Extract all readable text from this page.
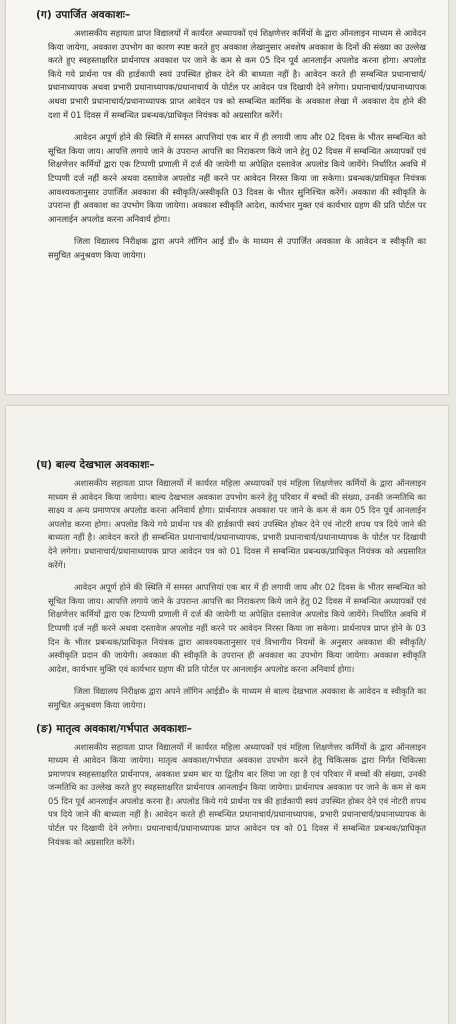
(ग) उपार्जित अवकाशः–

अशासकीय सहायता प्राप्त विद्यालयों में कार्यरत अध्यापकों एवं शिक्षणेत्तर कर्मियों के द्वारा ऑनलाइन माध्यम से आवेदन किया जायेगा, अवकाश उपभोग का कारण स्पष्ट करते हुए अवकाश लेखानुसार अवशेष अवकाश के दिनों की संख्या का उल्लेख करते हुए स्वहस्ताक्षरित प्रार्थनापत्र अवकाश पर जाने के कम से कम 05 दिन पूर्व आनलाईन अपलोड करना होगा। अपलोड किये गये प्रार्थना पत्र की हार्डकापी स्वयं उपस्थित होकर देने की बाध्यता नहीं है। आवेदन करते ही सम्बन्धित प्रधानाचार्य/प्रधानाध्यापक अथवा प्रभारी प्रधानाध्यापक/प्रधानाचार्य के पोर्टल पर आवेदन पत्र दिखायी देने लगेगा। प्रधानाचार्य/प्रधानाध्यापक अथवा प्रभारी प्रधानाचार्य/प्रधानाध्यापक प्राप्त आवेदन पत्र को सम्बन्धित कार्मिक के अवकाश लेखा में अवकाश देय होने की दशा में 01 दिवस में सम्बन्धित प्रबन्धक/प्राधिकृत नियंत्रक को अग्रसारित करेंगें।

आवेदन अपूर्ण होने की स्थिति में समस्त आपत्तियां एक बार में ही लगायी जाय और 02 दिवस के भीतर सम्बन्धित को सूचित किया जाय। आपत्ति लगाये जाने के उपरान्त आपत्ति का निराकरण किये जाने हेतु 02 दिवस में सम्बन्धित अध्यापकों एवं शिक्षणेत्तर कर्मियों द्वारा एक टिप्पणी प्रणाली में दर्ज की जायेगी या अपेक्षित दस्तावेज अपलोड किये जायेंगे। निर्धारित अवधि में टिप्पणी दर्ज नहीं करने अथवा दस्तावेज अपलोड नहीं करने पर आवेदन निरस्त किया जा सकेगा। प्रबन्धक/प्राधिकृत नियंत्रक आवश्यकतानुसार उपार्जित अवकाश की स्वीकृति/अस्वीकृति 03 दिवस के भीतर सुनिश्चित करेंगें। अवकाश की स्वीकृति के उपरान्त ही अवकाश का उपभोग किया जायेगा। अवकाश स्वीकृति आदेश, कार्यभार मुक्त एवं कार्यभार ग्रहण की प्रति पोर्टल पर आनलाईन अपलोड करना अनिवार्य होगा।

जिला विद्यालय निरीक्षक द्वारा अपने लॉगिन आई डी० के माध्यम से उपार्जित अवकाश के आवेदन व स्वीकृति का समुचित अनुश्रवण किया जायेगा।

(घ) बाल्य देखभाल अवकाशः–

अशासकीय सहायता प्राप्त विद्यालयों में कार्यरत महिला अध्यापकों एवं महिला शिक्षणेत्तर कर्मियों के द्वारा ऑनलाइन माध्यम से आवेदन किया जायेगा। बाल्य देखभाल अवकाश उपभोग करने हेतु परिवार में बच्चों की संख्या, उनकी जन्मतिथि का साक्ष्य व अन्य प्रमाणपत्र अपलोड करना अनिवार्य होगा। प्रार्थनापत्र अवकाश पर जाने के कम से कम 05 दिन पूर्व आनलाईन अपलोड करना होगा। अपलोड किये गये प्रार्थना पत्र की हार्डकापी स्वयं उपस्थित होकर देने एवं नोटरी शपथ पत्र दिये जाने की बाध्यता नहीं है। आवेदन करते ही सम्बन्धित प्रधानाचार्य/प्रधानाध्यापक, प्रभारी प्रधानाचार्य/प्रधानाध्यापक के पोर्टल पर दिखायी देने लगेगा। प्रधानाचार्य/प्रधानाध्यापक प्राप्त आवेदन पत्र को 01 दिवस में सम्बन्धित प्रबन्धक/प्राधिकृत नियंत्रक को अग्रसारित करेंगें।

आवेदन अपूर्ण होने की स्थिति में समस्त आपत्तियां एक बार में ही लगायी जाय और 02 दिवस के भीतर सम्बन्धित को सूचित किया जाय। आपत्ति लगाये जाने के उपरान्त आपत्ति का निराकरण किये जाने हेतु 02 दिवस में सम्बन्धित अध्यापकों एवं शिक्षणेत्तर कर्मियों द्वारा एक टिप्पणी प्रणाली में दर्ज की जायेगी या अपेक्षित दस्तावेज अपलोड किये जायेंगे। निर्धारित अवधि में टिप्पणी दर्ज नहीं करने अथवा दस्तावेज अपलोड नहीं करने पर आवेदन निरस्त किया जा सकेगा। प्रार्थनापत्र प्राप्त होने के 03 दिन के भीतर प्रबन्धक/प्राधिकृत नियंत्रक द्वारा आवश्यकतानुसार एवं विभागीय नियमों के अनुसार अवकाश की स्वीकृति/अस्वीकृति प्रदान की जायेगी। अवकाश की स्वीकृति के उपरान्त ही अवकाश का उपभोग किया जायेगा। अवकाश स्वीकृति आदेश, कार्यभार मुक्ति एवं कार्यभार ग्रहण की प्रति पोर्टल पर आनलाईन अपलोड करना अनिवार्य होगा।

जिला विद्यालय निरीक्षक द्वारा अपने लॉगिन आईडी० के माध्यम से बाल्य देखभाल अवकाश के आवेदन व स्वीकृति का समुचित अनुश्रवण किया जायेगा।

(ङ) मातृत्व अवकाश/गर्भपात अवकाशः–

अशासकीय सहायता प्राप्त विद्यालयों में कार्यरत महिला अध्यापकों एवं महिला शिक्षणेत्तर कर्मियों के द्वारा ऑनलाइन माध्यम से आवेदन किया जायेगा। मातृत्व अवकाश/गर्भपात अवकाश उपभोग करने हेतु चिकित्सक द्वारा निर्गत चिकित्सा प्रमाणपत्र स्वहस्ताक्षरित प्रार्थनापत्र, अवकाश प्रथम बार या द्वितीय बार लिया जा रहा है एवं परिवार में बच्चों की संख्या, उनकी जन्मतिथि का उल्लेख करते हुए स्वहस्ताक्षरित प्रार्थनापत्र आनलाईन किया जायेगा। प्रार्थनापत्र अवकाश पर जाने के कम से कम 05 दिन पूर्व आनलाईन अपलोड करना है। अपलोड किये गये प्रार्थना पत्र की हार्डकापी स्वयं उपस्थित होकर देने एवं नोटरी शपथ पत्र दिये जाने की बाध्यता नहीं है। आवेदन करते ही सम्बन्धित प्रधानाचार्य/प्रधानाध्यापक, प्रभारी प्रधानाचार्य/प्रधानाध्यापक के पोर्टल पर दिखायी देने लगेगा। प्रधानाचार्य/प्रधानाध्यापक प्राप्त आवेदन पत्र को 01 दिवस में सम्बन्धित प्रबन्धक/प्राधिकृत नियंत्रक को अग्रसारित करेंगें।
